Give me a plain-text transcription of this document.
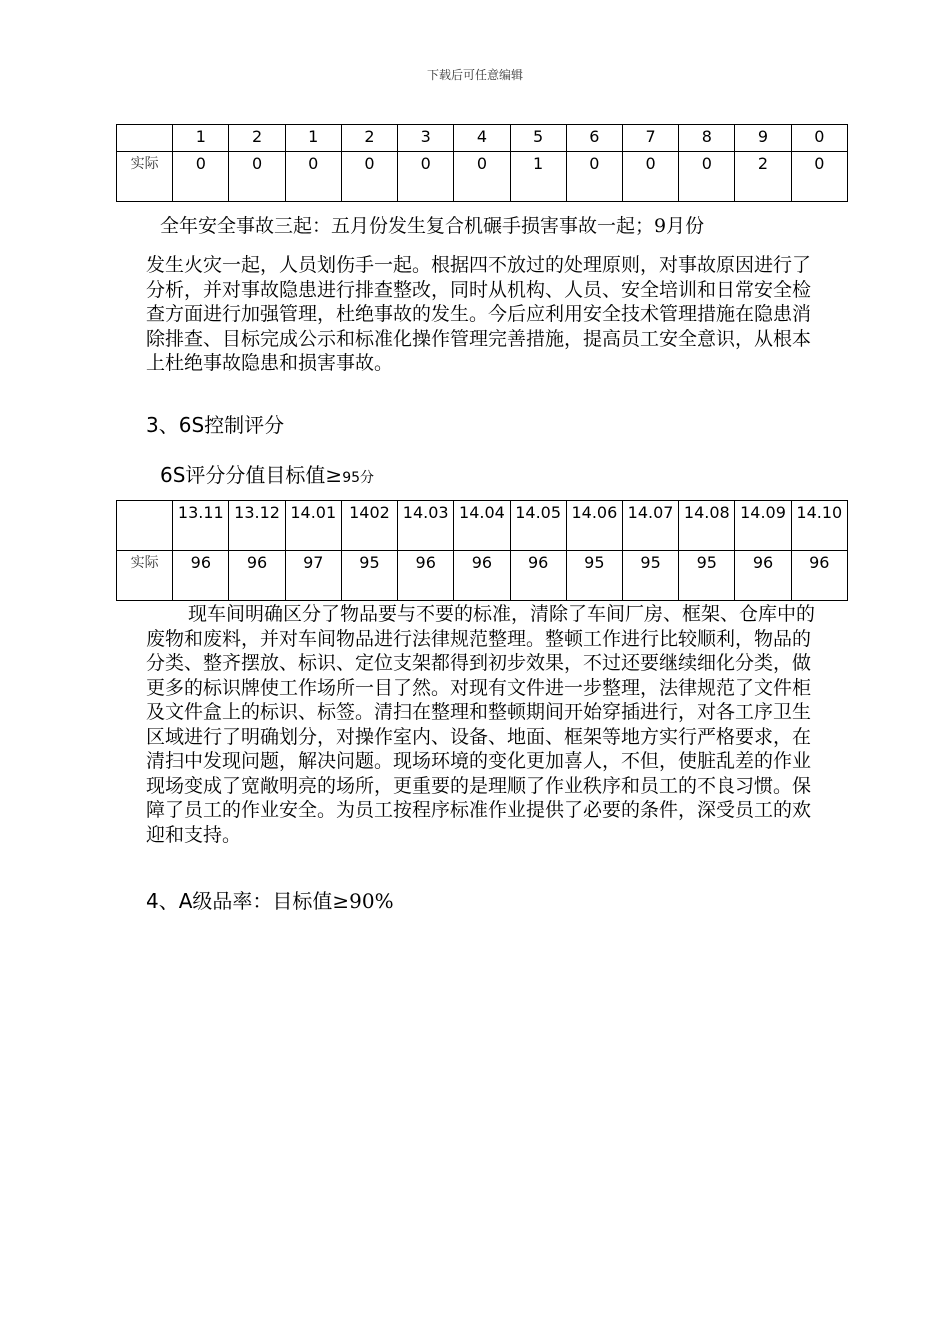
下载后可任意编辑
	1	2	1	2	3	4	5	6	7	8	9	0
实际	0	0	0	0	0	0	1	0	0	0	2	0

全年安全事故三起：五月份发生复合机碾手损害事故一起；9月份

发生火灾一起，人员划伤手一起。根据四不放过的处理原则，对事故原因进行了分析，并对事故隐患进行排查整改，同时从机构、人员、安全培训和日常安全检查方面进行加强管理，杜绝事故的发生。今后应利用安全技术管理措施在隐患消除排查、目标完成公示和标准化操作管理完善措施，提高员工安全意识，从根本上杜绝事故隐患和损害事故。

3、6S控制评分

6S评分分值目标值≥95分

	13.11	13.12	14.01	1402	14.03	14.04	14.05	14.06	14.07	14.08	14.09	14.10
实际	96	96	97	95	96	96	96	95	95	95	96	96

现车间明确区分了物品要与不要的标准，清除了车间厂房、框架、仓库中的废物和废料，并对车间物品进行法律规范整理。整顿工作进行比较顺利，物品的分类、整齐摆放、标识、定位支架都得到初步效果，不过还要继续细化分类，做更多的标识牌使工作场所一目了然。对现有文件进一步整理，法律规范了文件柜及文件盒上的标识、标签。清扫在整理和整顿期间开始穿插进行，对各工序卫生区域进行了明确划分，对操作室内、设备、地面、框架等地方实行严格要求，在清扫中发现问题，解决问题。现场环境的变化更加喜人，不但，使脏乱差的作业现场变成了宽敞明亮的场所，更重要的是理顺了作业秩序和员工的不良习惯。保障了员工的作业安全。为员工按程序标准作业提供了必要的条件，深受员工的欢迎和支持。

4、A级品率：目标值≥90%
